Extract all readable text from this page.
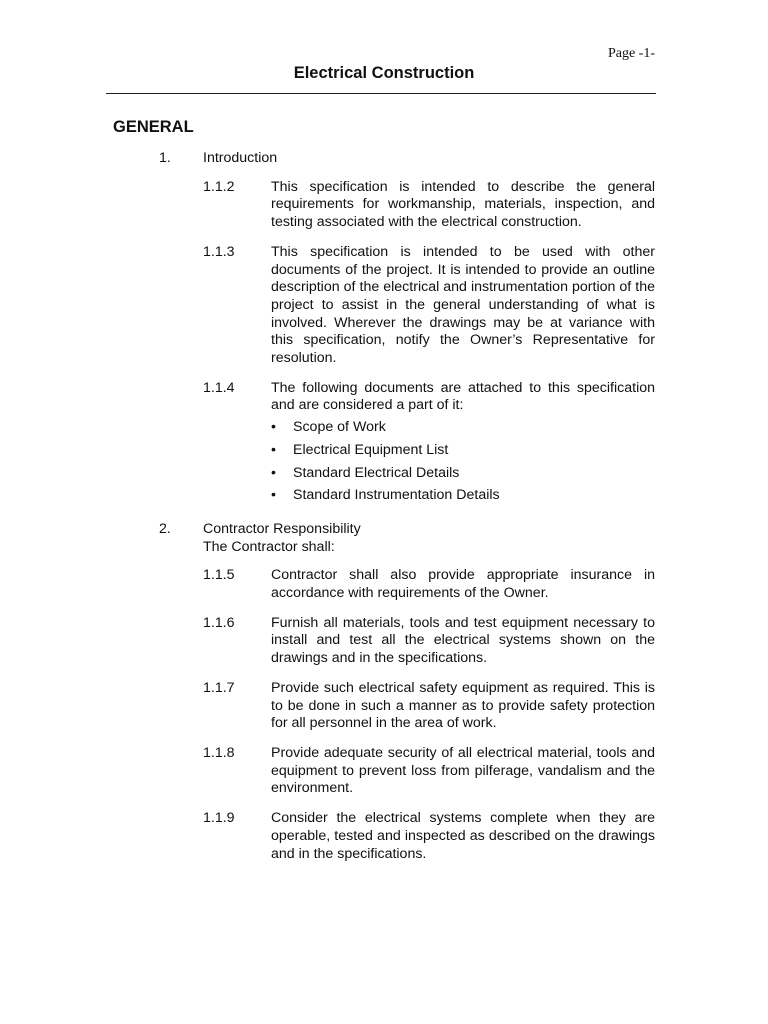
Page -1-
Electrical Construction
GENERAL
1. Introduction
1.1.2	This specification is intended to describe the general requirements for workmanship, materials, inspection, and testing associated with the electrical construction.
1.1.3	This specification is intended to be used with other documents of the project. It is intended to provide an outline description of the electrical and instrumentation portion of the project to assist in the general understanding of what is involved. Wherever the drawings may be at variance with this specification, notify the Owner’s Representative for resolution.
1.1.4	The following documents are attached to this specification and are considered a part of it:
• Scope of Work
• Electrical Equipment List
• Standard Electrical Details
• Standard Instrumentation Details
2. Contractor Responsibility
The Contractor shall:
1.1.5	Contractor shall also provide appropriate insurance in accordance with requirements of the Owner.
1.1.6	Furnish all materials, tools and test equipment necessary to install and test all the electrical systems shown on the drawings and in the specifications.
1.1.7	Provide such electrical safety equipment as required. This is to be done in such a manner as to provide safety protection for all personnel in the area of work.
1.1.8	Provide adequate security of all electrical material, tools and equipment to prevent loss from pilferage, vandalism and the environment.
1.1.9	Consider the electrical systems complete when they are operable, tested and inspected as described on the drawings and in the specifications.
